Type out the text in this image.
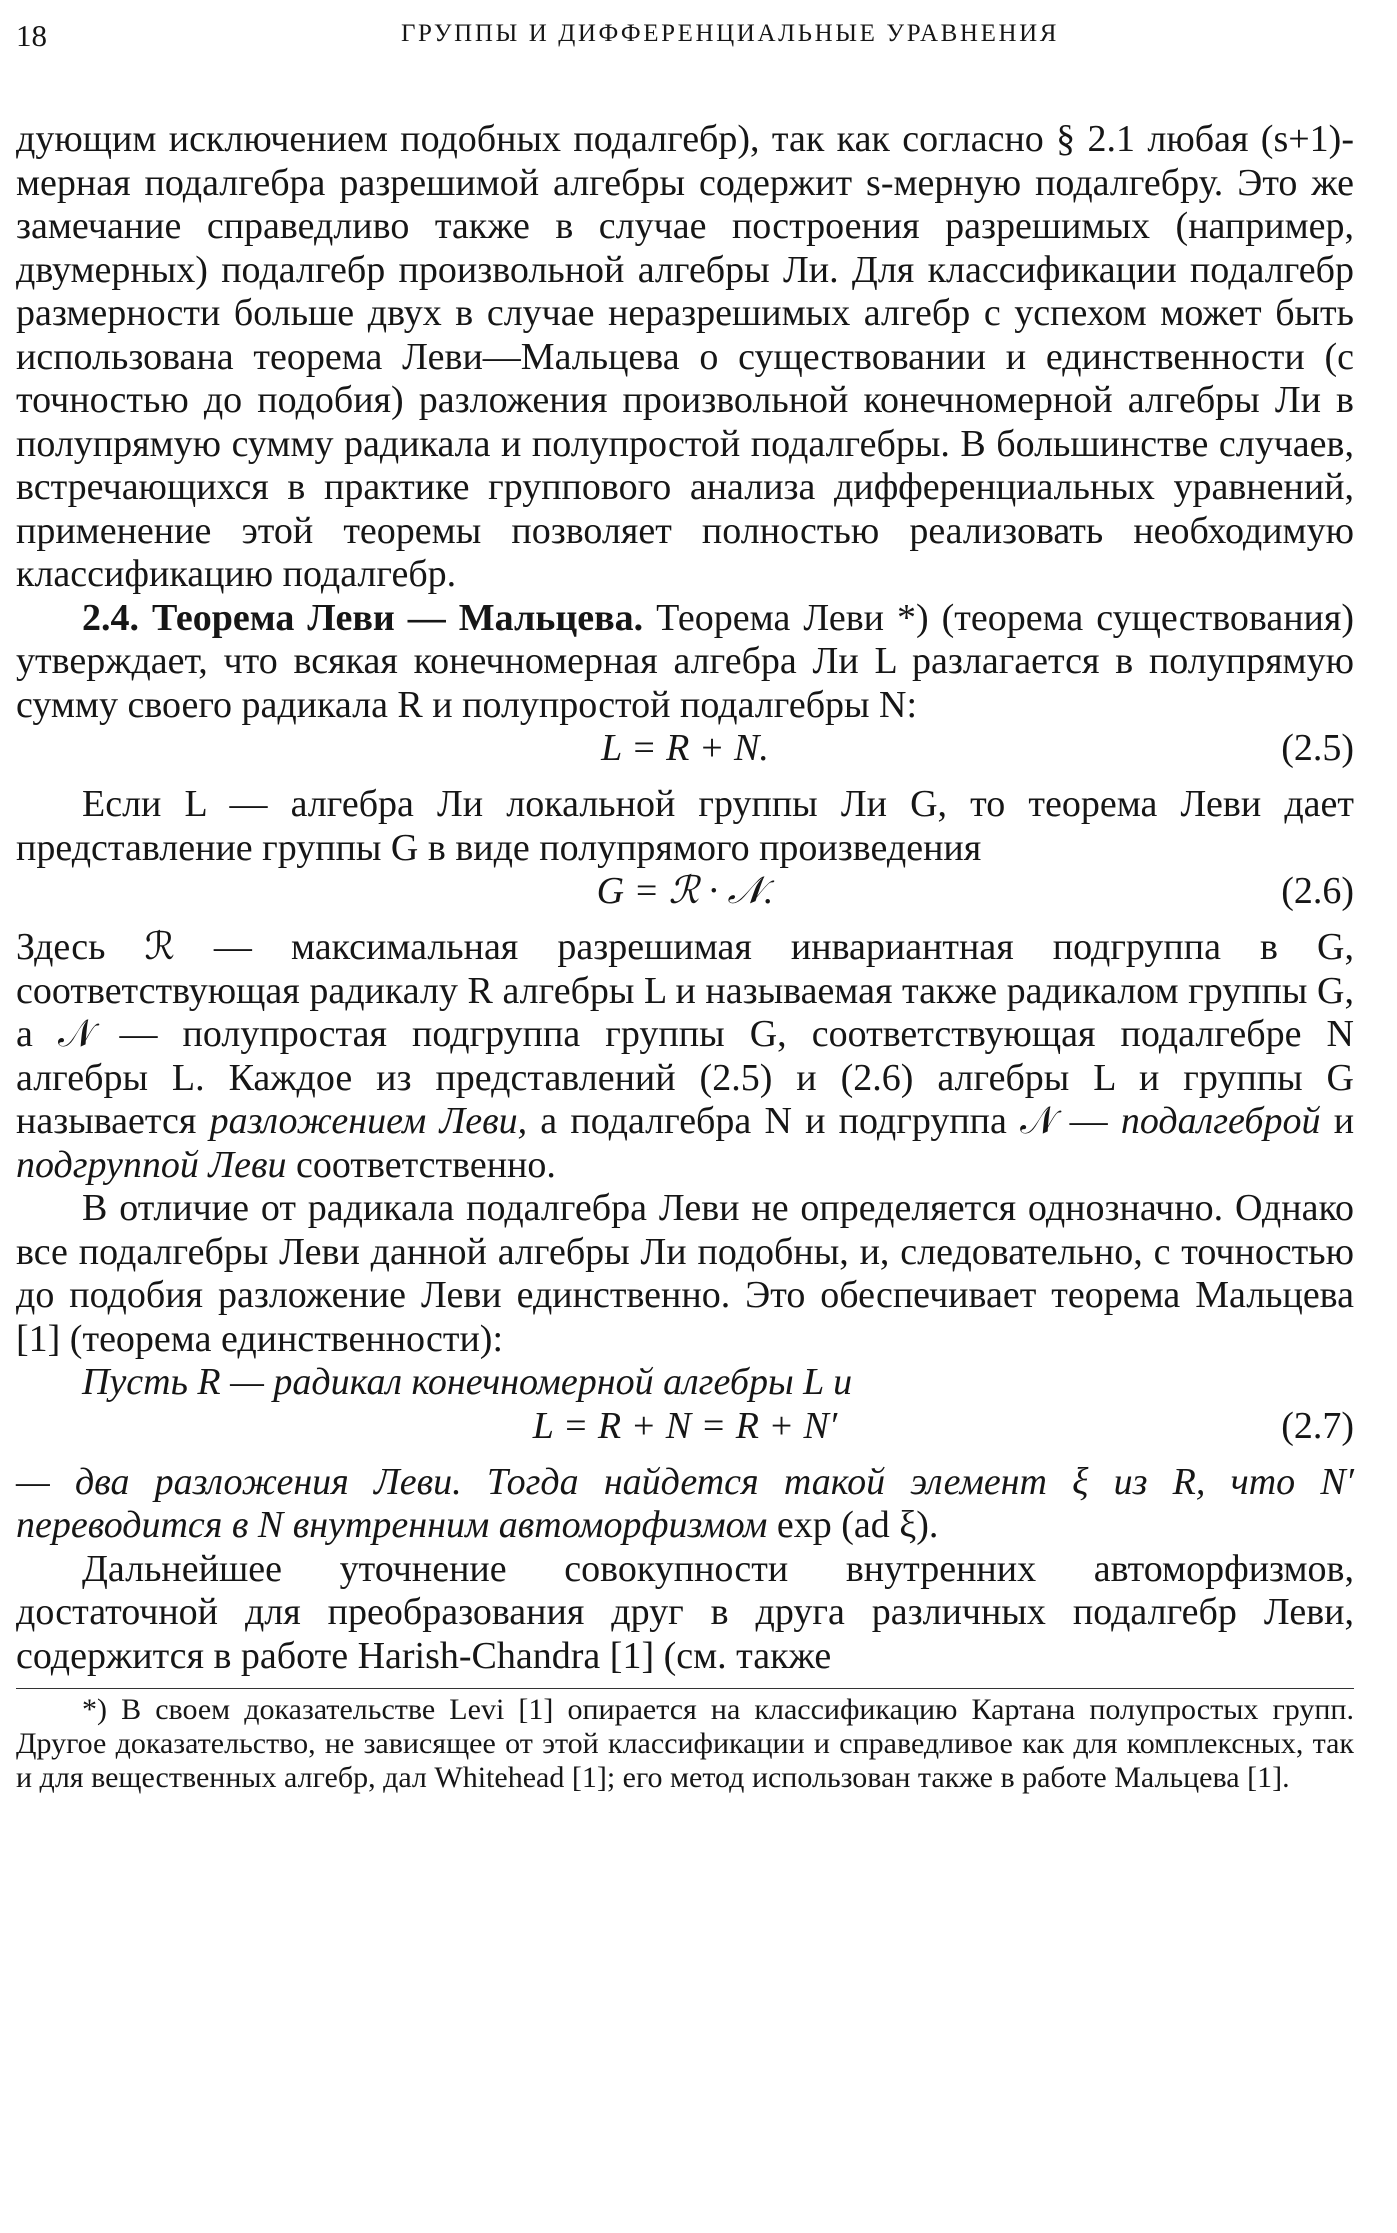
18	ГРУППЫ И ДИФФЕРЕНЦИАЛЬНЫЕ УРАВНЕНИЯ

дующим исключением подобных подалгебр), так как согласно § 2.1 любая (s+1)-мерная подалгебра разрешимой алгебры содержит s-мерную подалгебру. Это же замечание справедливо также в случае построения разрешимых (например, двумерных) подалгебр произвольной алгебры Ли. Для классификации подалгебр размерности больше двух в случае неразрешимых алгебр с успехом может быть использована теорема Леви—Мальцева о существовании и единственности (с точностью до подобия) разложения произвольной конечномерной алгебры Ли в полупрямую сумму радикала и полупростой подалгебры. В большинстве случаев, встречающихся в практике группового анализа дифференциальных уравнений, применение этой теоремы позволяет полностью реализовать необходимую классификацию подалгебр.

2.4. Теорема Леви — Мальцева. Теорема Леви *) (теорема существования) утверждает, что всякая конечномерная алгебра Ли L разлагается в полупрямую сумму своего радикала R и полупростой подалгебры N:

L = R + N.	(2.5)

Если L — алгебра Ли локальной группы Ли G, то теорема Леви дает представление группы G в виде полупрямого произведения

G = ℛ · 𝒩.	(2.6)

Здесь ℛ — максимальная разрешимая инвариантная подгруппа в G, соответствующая радикалу R алгебры L и называемая также радикалом группы G, а 𝒩 — полупростая подгруппа группы G, соответствующая подалгебре N алгебры L. Каждое из представлений (2.5) и (2.6) алгебры L и группы G называется разложением Леви, а подалгебра N и подгруппа 𝒩 — подалгеброй и подгруппой Леви соответственно.

В отличие от радикала подалгебра Леви не определяется однозначно. Однако все подалгебры Леви данной алгебры Ли подобны, и, следовательно, с точностью до подобия разложение Леви единственно. Это обеспечивает теорема Мальцева [1] (теорема единственности):

Пусть R — радикал конечномерной алгебры L и

L = R + N = R + N′	(2.7)

— два разложения Леви. Тогда найдется такой элемент ξ из R, что N′ переводится в N внутренним автоморфизмом exp (ad ξ).

Дальнейшее уточнение совокупности внутренних автоморфизмов, достаточной для преобразования друг в друга различных подалгебр Леви, содержится в работе Harish-Chandra [1] (см. также

*) В своем доказательстве Levi [1] опирается на классификацию Картана полупростых групп. Другое доказательство, не зависящее от этой классификации и справедливое как для комплексных, так и для вещественных алгебр, дал Whitehead [1]; его метод использован также в работе Мальцева [1].
